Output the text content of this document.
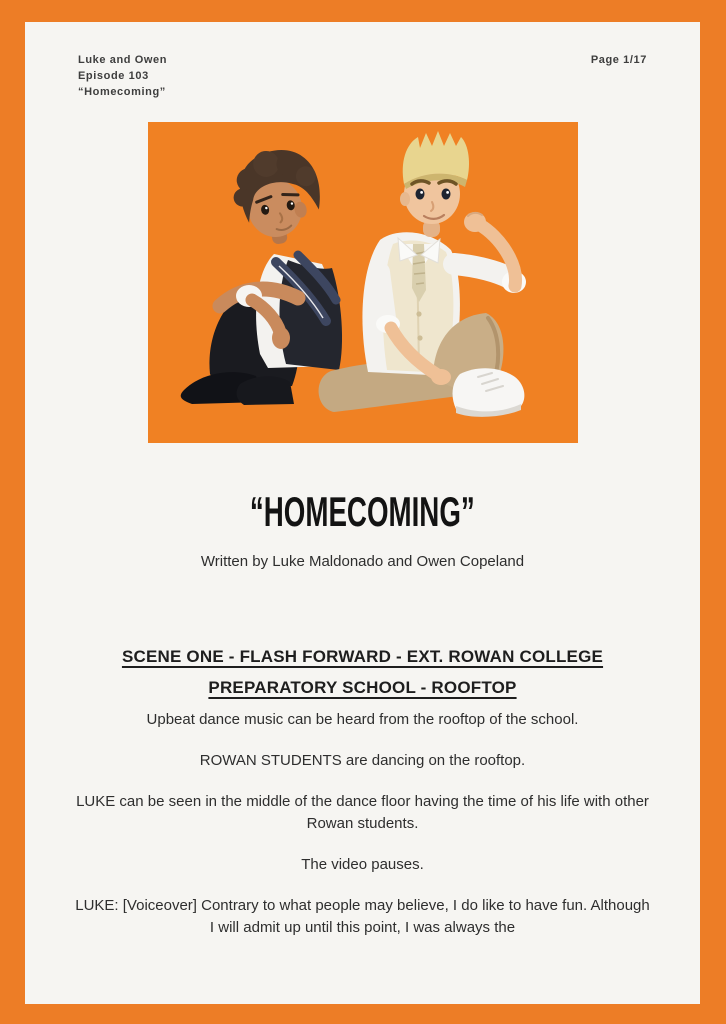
Luke and Owen
Episode 103
“Homecoming”
Page 1/17
“HOMECOMING”

Written by Luke Maldonado and Owen Copeland

SCENE ONE - FLASH FORWARD - EXT. ROWAN COLLEGE
PREPARATORY SCHOOL - ROOFTOP

Upbeat dance music can be heard from the rooftop of the school.

ROWAN STUDENTS are dancing on the rooftop.

LUKE can be seen in the middle of the dance floor having the time of his life with other Rowan students.

The video pauses.

LUKE: [Voiceover] Contrary to what people may believe, I do like to have fun. Although I will admit up until this point, I was always the
